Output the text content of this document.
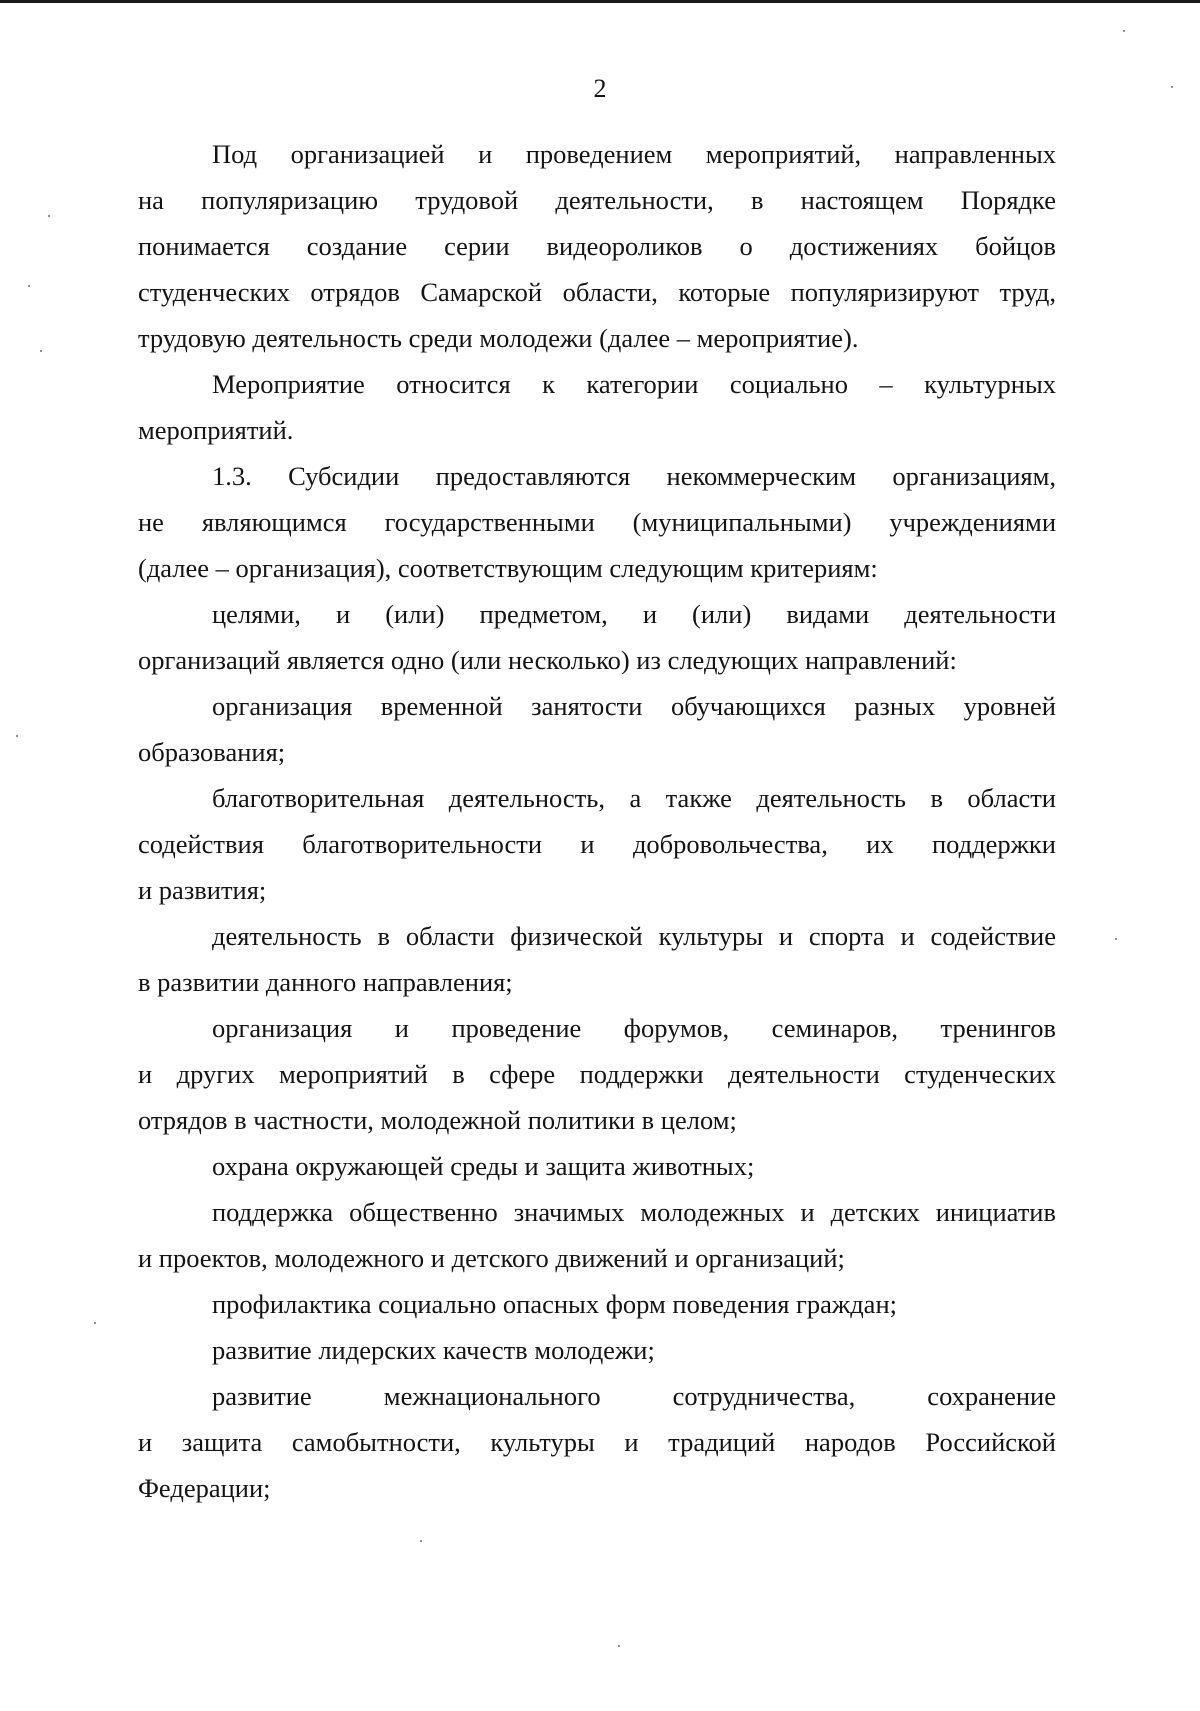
2

Под организацией и проведением мероприятий, направленных
на популяризацию трудовой деятельности, в настоящем Порядке
понимается создание серии видеороликов о достижениях бойцов
студенческих отрядов Самарской области, которые популяризируют труд,
трудовую деятельность среди молодежи (далее – мероприятие).

Мероприятие относится к категории социально – культурных
мероприятий.

1.3. Субсидии предоставляются некоммерческим организациям,
не являющимся государственными (муниципальными) учреждениями
(далее – организация), соответствующим следующим критериям:

целями, и (или) предметом, и (или) видами деятельности
организаций является одно (или несколько) из следующих направлений:

организация временной занятости обучающихся разных уровней
образования;

благотворительная деятельность, а также деятельность в области
содействия благотворительности и добровольчества, их поддержки
и развития;

деятельность в области физической культуры и спорта и содействие
в развитии данного направления;

организация и проведение форумов, семинаров, тренингов
и других мероприятий в сфере поддержки деятельности студенческих
отрядов в частности, молодежной политики в целом;

охрана окружающей среды и защита животных;

поддержка общественно значимых молодежных и детских инициатив
и проектов, молодежного и детского движений и организаций;

профилактика социально опасных форм поведения граждан;

развитие лидерских качеств молодежи;

развитие межнационального сотрудничества, сохранение
и защита самобытности, культуры и традиций народов Российской
Федерации;
